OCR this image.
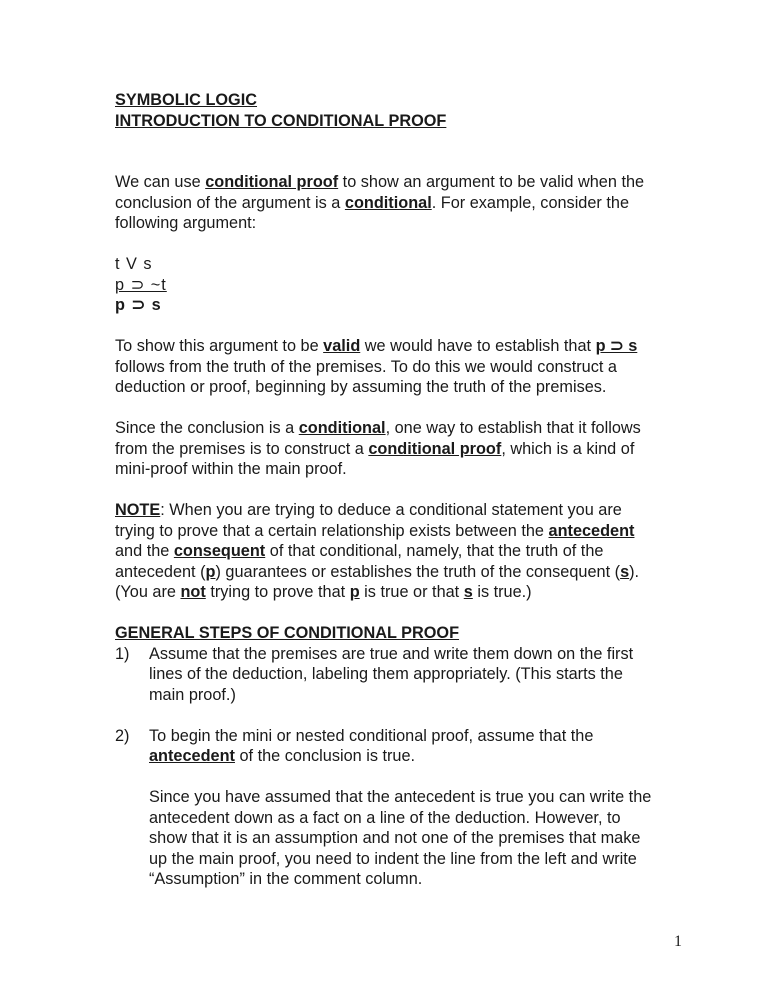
SYMBOLIC LOGIC
INTRODUCTION TO CONDITIONAL PROOF
We can use conditional proof to show an argument to be valid when the
conclusion of the argument is a conditional. For example, consider the
following argument:
t V s
p ⊃ ~t
p ⊃ s
To show this argument to be valid we would have to establish that p ⊃ s
follows from the truth of the premises. To do this we would construct a
deduction or proof, beginning by assuming the truth of the premises.
Since the conclusion is a conditional, one way to establish that it follows
from the premises is to construct a conditional proof, which is a kind of
mini-proof within the main proof.
NOTE: When you are trying to deduce a conditional statement you are
trying to prove that a certain relationship exists between the antecedent
and the consequent of that conditional, namely, that the truth of the
antecedent (p) guarantees or establishes the truth of the consequent (s).
(You are not trying to prove that p is true or that s is true.)
GENERAL STEPS OF CONDITIONAL PROOF
1) Assume that the premises are true and write them down on the first
lines of the deduction, labeling them appropriately. (This starts the
main proof.)
2) To begin the mini or nested conditional proof, assume that the
antecedent of the conclusion is true.
Since you have assumed that the antecedent is true you can write the
antecedent down as a fact on a line of the deduction. However, to
show that it is an assumption and not one of the premises that make
up the main proof, you need to indent the line from the left and write
“Assumption” in the comment column.
1
